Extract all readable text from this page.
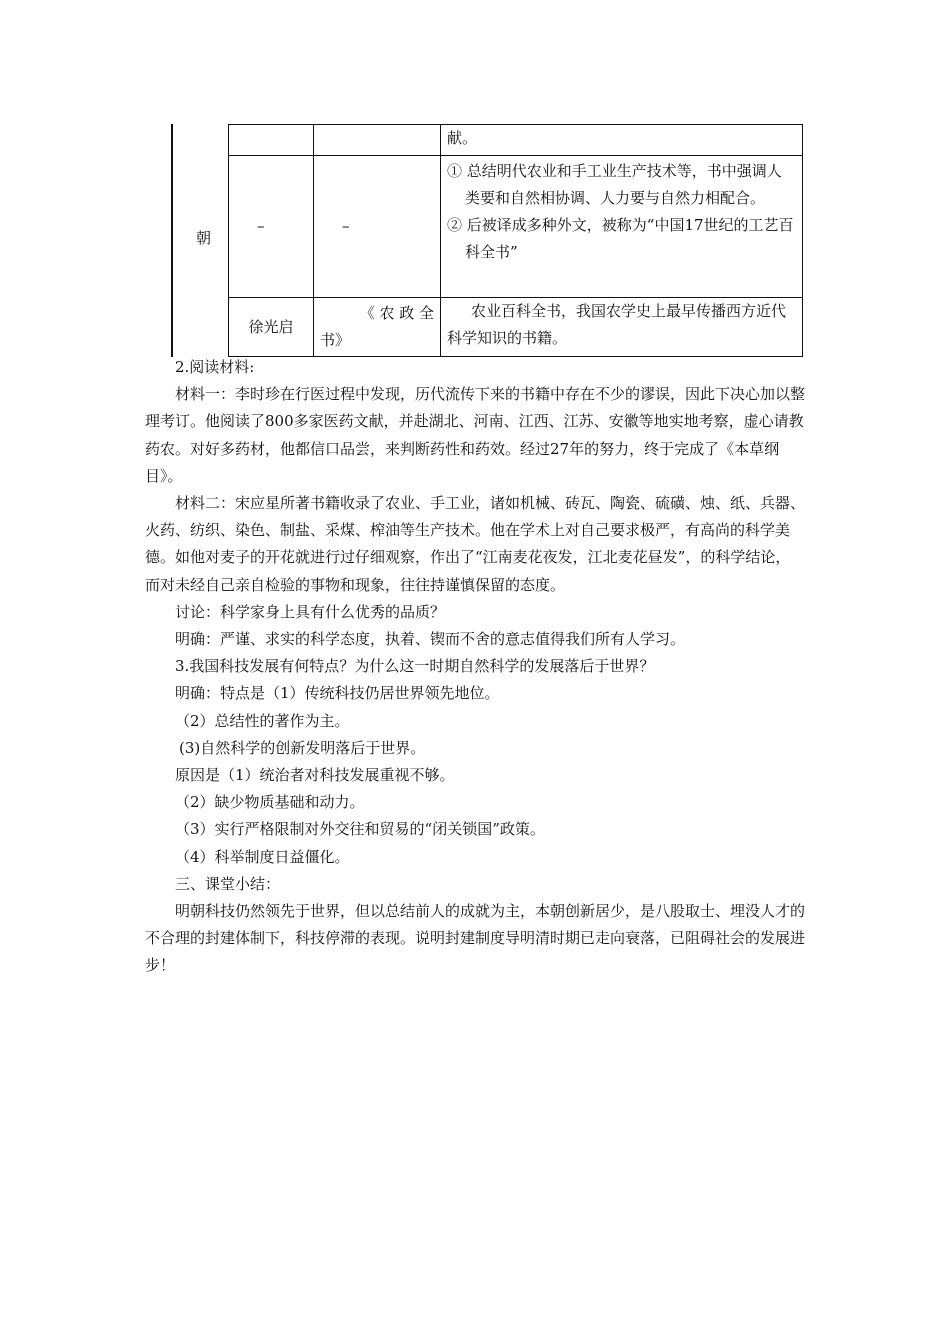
朝
		献。

–	–	① 总结明代农业和手工业生产技术等，书中强调人类要和自然相协调、人力要与自然力相配合。
② 后被译成多种外文，被称为“中国17世纪的工艺百科全书”

徐光启	《 农 政 全
书》	农业百科全书，我国农学史上最早传播西方近代科学知识的书籍。

2.阅读材料:

材料一：李时珍在行医过程中发现，历代流传下来的书籍中存在不少的谬误，因此下决心加以整理考订。他阅读了800多家医药文献，并赴湖北、河南、江西、江苏、安徽等地实地考察，虚心请教药农。对好多药材，他都信口品尝，来判断药性和药效。经过27年的努力，终于完成了《本草纲目》。

材料二：宋应星所著书籍收录了农业、手工业，诸如机械、砖瓦、陶瓷、硫磺、烛、纸、兵器、火药、纺织、染色、制盐、采煤、榨油等生产技术。他在学术上对自己要求极严，有高尚的科学美德。如他对麦子的开花就进行过仔细观察，作出了“江南麦花夜发，江北麦花昼发”，的科学结论，而对未经自己亲自检验的事物和现象，往往持谨慎保留的态度。

讨论：科学家身上具有什么优秀的品质？

明确：严谨、求实的科学态度，执着、锲而不舍的意志值得我们所有人学习。

3.我国科技发展有何特点？为什么这一时期自然科学的发展落后于世界？

明确：特点是（1）传统科技仍居世界领先地位。

（2）总结性的著作为主。

(3)自然科学的创新发明落后于世界。

原因是（1）统治者对科技发展重视不够。

（2）缺少物质基础和动力。

（3）实行严格限制对外交往和贸易的“闭关锁国”政策。

（4）科举制度日益僵化。

三、课堂小结：

明朝科技仍然领先于世界，但以总结前人的成就为主，本朝创新居少，是八股取士、埋没人才的不合理的封建体制下，科技停滞的表现。说明封建制度导明清时期已走向衰落，已阻碍社会的发展进步！
